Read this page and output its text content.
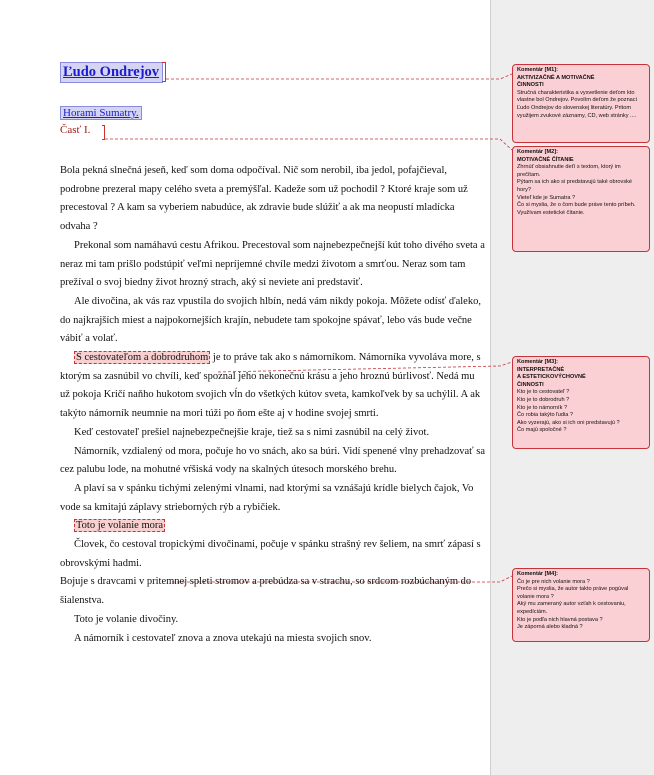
Ľudo Ondrejov
Horami Sumatry.
Časť I.

Bola pekná slnečná jeseň, keď som doma odpočíval. Nič som nerobil, iba jedol, pofajčieval, podrobne prezeral mapy celého sveta a premýšľal. Kadeže som už pochodil ? Ktoré kraje som už precestoval ? A kam sa vyberiem nabudúce, ak zdravie bude slúžiť a ak ma neopustí mladícka odvaha ?

Prekonal som namáhavú cestu Afrikou. Precestoval som najnebezpečnejší kút toho divého sveta a neraz mi tam prišlo podstúpiť veľmi nepríjemné chvíle medzi životom a smrťou. Neraz som tam prežíval o svoj biedny život hrozný strach, aký si neviete ani predstaviť.

Ale divočina, ak vás raz vpustila do svojich hlbín, nedá vám nikdy pokoja. Môžete odísť ďaleko, do najkrajších miest a najpokornejších krajín, nebudete tam spokojne spávať, lebo vás bude večne vábiť a volať.

S cestovateľom a dobrodruhom je to práve tak ako s námorníkom. Námorníka vyvoláva more, s ktorým sa zasnúbil vo chvíli, keď spoznal jeho nekonečnú krásu a jeho hroznú búrlivosť. Nedá mu už pokoja Kričí naňho hukotom svojich vĺn do všetkých kútov sveta, kamkoľvek by sa uchýlil. A ak takýto námorník neumnie na mori túži po ňom ešte aj v hodine svojej smrti.

Keď cestovateľ prešiel najnebezpečnejšie kraje, tiež sa s nimi zasnúbil na celý život.

Námorník, vzdialený od mora, počuje ho vo snách, ako sa búri. Vidí spenené vlny prehadzovať sa cez palubu lode, na mohutné vŕšiská vody na skalných útesoch morského brehu.

A plaví sa v spánku tichými zelenými vlnami, nad ktorými sa vznášajú krídle bielych čajok, Vo vode sa kmitajú záplavy strieborných rýb a rybičiek.

Toto je volanie mora

Človek, čo cestoval tropickými divočinami, počuje v spánku strašný rev šeliem, na smrť zápasí s obrovskými hadmi.

Bojuje s dravcami v pritemnej spleti stromov a prebúdza sa v strachu, so srdcom rozbúchaným do šialenstva.

Toto je volanie divočiny.

A námorník i cestovateľ znova a znova utekajú na miesta svojich snov.

Komentár [M1]:
AKTIVIZAČNÉ A MOTIVAČNÉ
ČINNOSTI
Stručná charakteristika a vysvetlenie deťom kto vlastne bol Ondrejov. Povolím deťom že poznaci Ľudo Ondrejov do slovenskej literatúry. Pritom využijem zvukové záznamy, CD, web stránky ....
Komentár [M2]:
MOTIVAČNÉ ČÍTANIE
Zhrnúť obsiahnutie deťí s textom, ktorý im prečítam.
Pýtam sa ich ako si predstavujú také obrovské hory?
Vieteľ kde je Sumatra ?
Čo si myslia, že o čom bude práve tento príbeh.
Využívam estetické čítanie.
Komentár [M3]:
INTERPRETAČNÉ
A ESTETICKOVÝCHOVNÉ
ČINNOSTI
Kto je to cestovateľ ?
Kto je to dobrodruh ?
Kto je to námorník ?
Čo robia takýto ľudia ?
Ako vyzerajú, ako si ich oni predstavujú ?
Čo majú spoločné ?
Komentár [M4]:
Čo je pre nich volanie mora ?
Prečo si myslia, že autor takto práve pogúval volanie mora ?
Aký mu zameraný autor vzťah k cestovaniu, expedíciám.
Kto je podľa nich hlavná postava ?
Je záporná alebo kladná ?
